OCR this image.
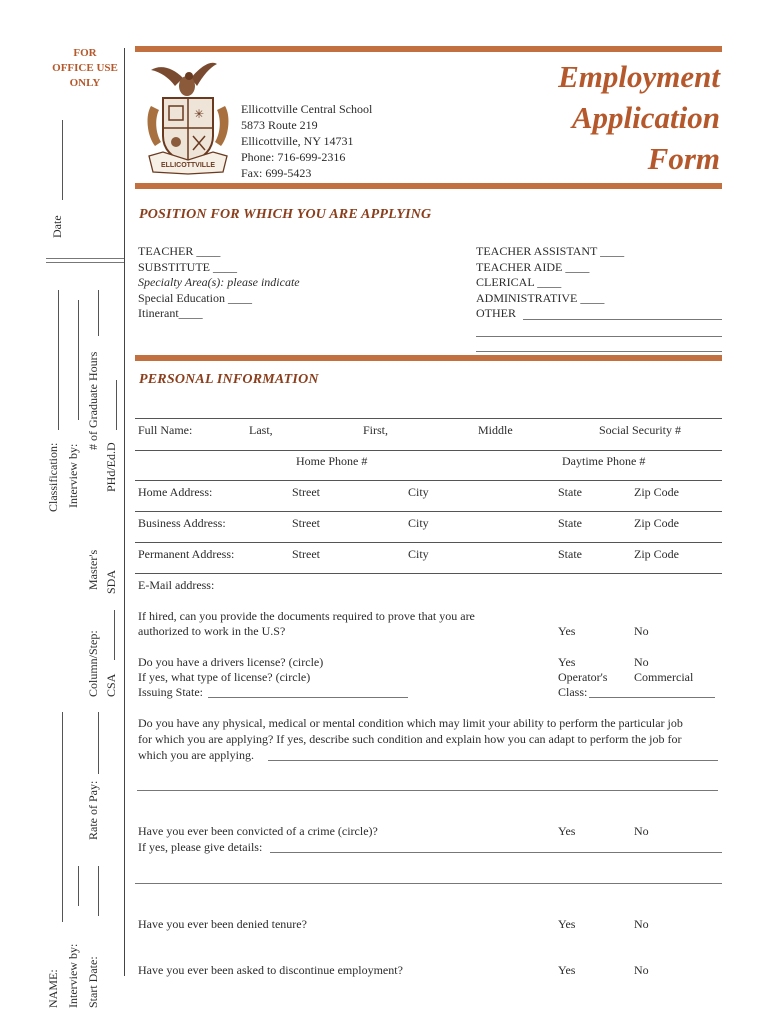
FOR
OFFICE USE
ONLY
Date
Classification: Interview by:
# of Graduate Hours
Master's
PHd/Ed.D
SDA
Column/Step: CSA
Rate of Pay:
NAME: Interview by: Start Date:
✳
ELLICOTTVILLE
Ellicottville Central School
5873 Route 219
Ellicottville, NY 14731
Phone: 716-699-2316
Fax: 699-5423
Employment
Application
Form
POSITION FOR WHICH YOU ARE APPLYING
TEACHER ____
SUBSTITUTE ____
Specialty Area(s): please indicate
Special Education ____
Itinerant____
TEACHER ASSISTANT ____
TEACHER AIDE ____
CLERICAL ____
ADMINISTRATIVE ____
OTHER
PERSONAL INFORMATION
Full Name:	Last,	First,	Middle	Social Security #
Home Phone #	Daytime Phone #
Home Address:	Street	City	State	Zip Code
Business Address:	Street	City	State	Zip Code
Permanent Address:	Street	City	State	Zip Code
E-Mail address:
If hired, can you provide the documents required to prove that you are
authorized to work in the U.S?	Yes	No
Do you have a drivers license? (circle)	Yes	No
If yes, what type of license? (circle)	Operator's Commercial
Issuing State:	Class:
Do you have any physical, medical or mental condition which may limit your ability to perform the particular job
for which you are applying? If yes, describe such condition and explain how you can adapt to perform the job for
which you are applying.
Have you ever been convicted of a crime (circle)?	Yes	No
If yes, please give details:
Have you ever been denied tenure?	Yes	No
Have you ever been asked to discontinue employment?	Yes	No
